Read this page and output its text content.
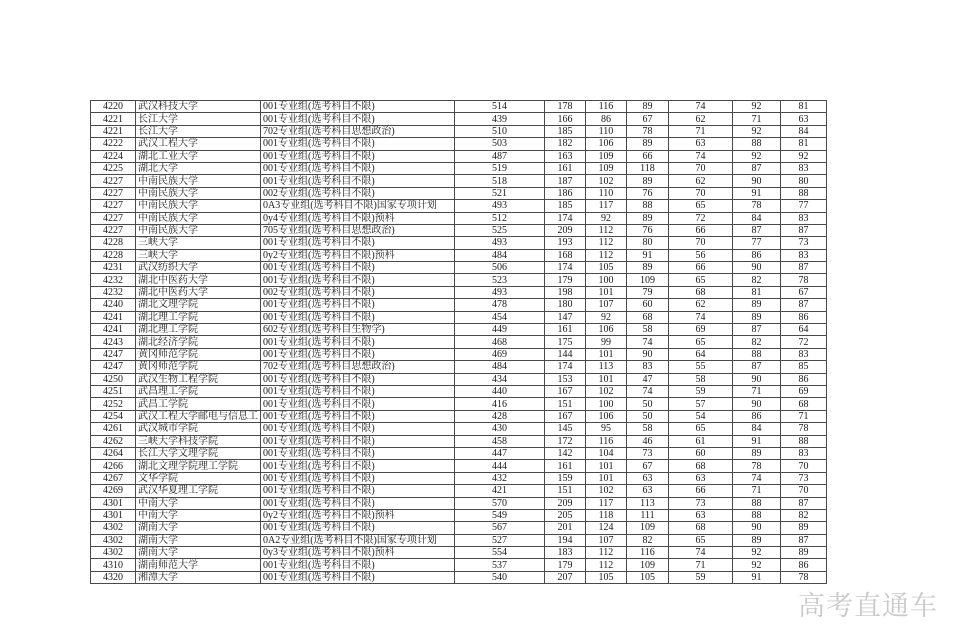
4220	武汉科技大学	001专业组(选考科目不限)	514	178	116	89	74	92	81
4221	长江大学	001专业组(选考科目不限)	439	166	86	67	62	71	63
4221	长江大学	702专业组(选考科目思想政治)	510	185	110	78	71	92	84
4222	武汉工程大学	001专业组(选考科目不限)	503	182	106	89	63	88	81
4224	湖北工业大学	001专业组(选考科目不限)	487	163	109	66	74	92	92
4225	湖北大学	001专业组(选考科目不限)	519	161	109	118	70	87	83
4227	中南民族大学	001专业组(选考科目不限)	518	187	102	89	62	90	80
4227	中南民族大学	002专业组(选考科目不限)	521	186	110	76	70	91	88
4227	中南民族大学	0A3专业组(选考科目不限)国家专项计划	493	185	117	88	65	78	77
4227	中南民族大学	0y4专业组(选考科目不限)预科	512	174	92	89	72	84	83
4227	中南民族大学	705专业组(选考科目思想政治)	525	209	112	76	66	87	87
4228	三峡大学	001专业组(选考科目不限)	493	193	112	80	70	77	73
4228	三峡大学	0y2专业组(选考科目不限)预科	484	168	112	91	56	86	83
4231	武汉纺织大学	001专业组(选考科目不限)	506	174	105	89	66	90	87
4232	湖北中医药大学	001专业组(选考科目不限)	523	179	100	109	65	82	78
4232	湖北中医药大学	002专业组(选考科目不限)	493	198	101	79	68	81	67
4240	湖北文理学院	001专业组(选考科目不限)	478	180	107	60	62	89	87
4241	湖北理工学院	001专业组(选考科目不限)	454	147	92	68	74	89	86
4241	湖北理工学院	602专业组(选考科目生物学)	449	161	106	58	69	87	64
4243	湖北经济学院	001专业组(选考科目不限)	468	175	99	74	65	82	72
4247	黄冈师范学院	001专业组(选考科目不限)	469	144	101	90	64	88	83
4247	黄冈师范学院	702专业组(选考科目思想政治)	484	174	113	83	55	87	85
4250	武汉生物工程学院	001专业组(选考科目不限)	434	153	101	47	58	90	86
4251	武昌理工学院	001专业组(选考科目不限)	440	167	102	74	59	71	69
4252	武昌工学院	001专业组(选考科目不限)	416	151	100	50	57	90	68
4254	武汉工程大学邮电与信息工	001专业组(选考科目不限)	428	167	106	50	54	86	71
4261	武汉城市学院	001专业组(选考科目不限)	430	145	95	58	65	84	78
4262	三峡大学科技学院	001专业组(选考科目不限)	458	172	116	46	61	91	88
4264	长江大学文理学院	001专业组(选考科目不限)	447	142	104	73	60	89	83
4266	湖北文理学院理工学院	001专业组(选考科目不限)	444	161	101	67	68	78	70
4267	文华学院	001专业组(选考科目不限)	432	159	101	63	63	74	73
4269	武汉华夏理工学院	001专业组(选考科目不限)	421	151	102	63	66	71	70
4301	中南大学	001专业组(选考科目不限)	570	209	117	113	73	88	87
4301	中南大学	0y2专业组(选考科目不限)预科	549	205	118	111	63	88	82
4302	湖南大学	001专业组(选考科目不限)	567	201	124	109	68	90	89
4302	湖南大学	0A2专业组(选考科目不限)国家专项计划	527	194	107	82	65	89	87
4302	湖南大学	0y3专业组(选考科目不限)预科	554	183	112	116	74	92	89
4310	湖南师范大学	001专业组(选考科目不限)	537	179	112	109	71	92	86
4320	湘潭大学	001专业组(选考科目不限)	540	207	105	105	59	91	78
高考直通车
